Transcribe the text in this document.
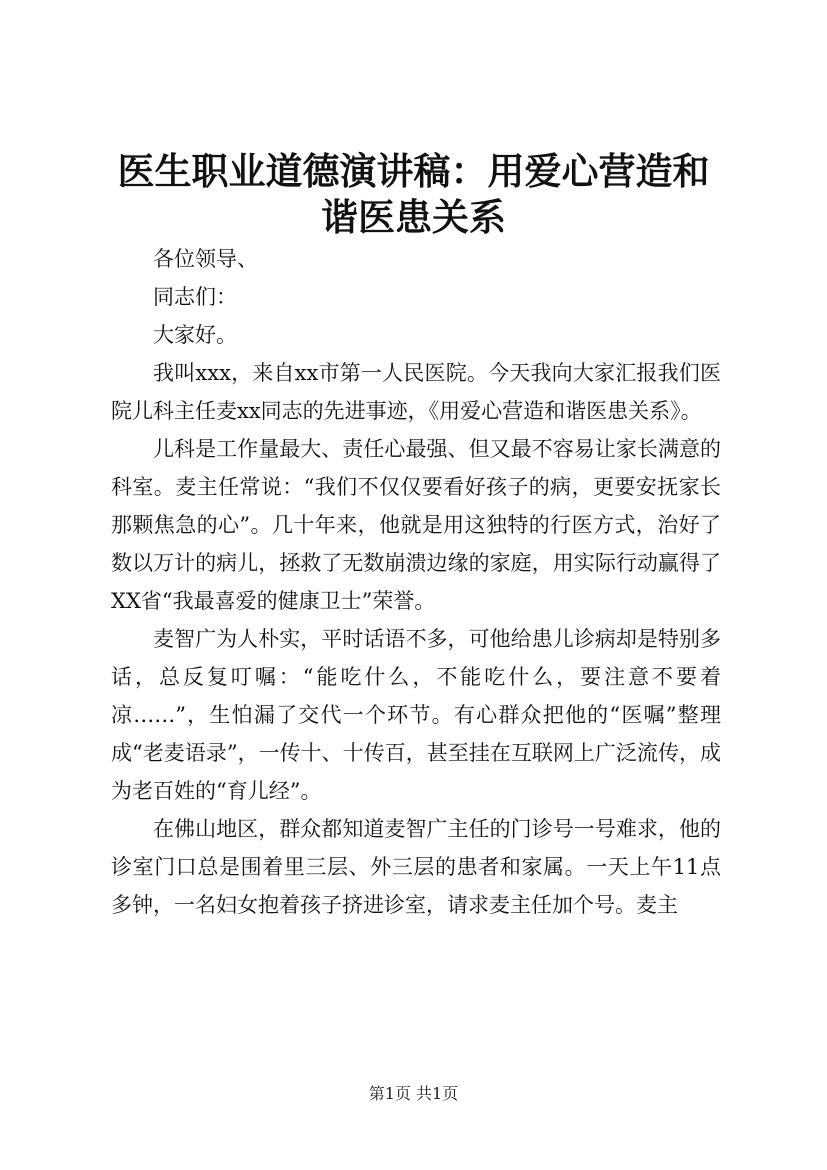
医生职业道德演讲稿：用爱心营造和谐医患关系

各位领导、

同志们：

大家好。

我叫xxx，来自xx市第一人民医院。今天我向大家汇报我们医院儿科主任麦xx同志的先进事迹，《用爱心营造和谐医患关系》。

儿科是工作量最大、责任心最强、但又最不容易让家长满意的科室。麦主任常说：“我们不仅仅要看好孩子的病，更要安抚家长那颗焦急的心”。几十年来，他就是用这独特的行医方式，治好了数以万计的病儿，拯救了无数崩溃边缘的家庭，用实际行动赢得了XX省“我最喜爱的健康卫士”荣誉。

麦智广为人朴实，平时话语不多，可他给患儿诊病却是特别多话，总反复叮嘱：“能吃什么，不能吃什么，要注意不要着凉……”，生怕漏了交代一个环节。有心群众把他的“医嘱”整理成“老麦语录”，一传十、十传百，甚至挂在互联网上广泛流传，成为老百姓的“育儿经”。

在佛山地区，群众都知道麦智广主任的门诊号一号难求，他的诊室门口总是围着里三层、外三层的患者和家属。一天上午11点多钟，一名妇女抱着孩子挤进诊室，请求麦主任加个号。麦主

第1页 共1页
